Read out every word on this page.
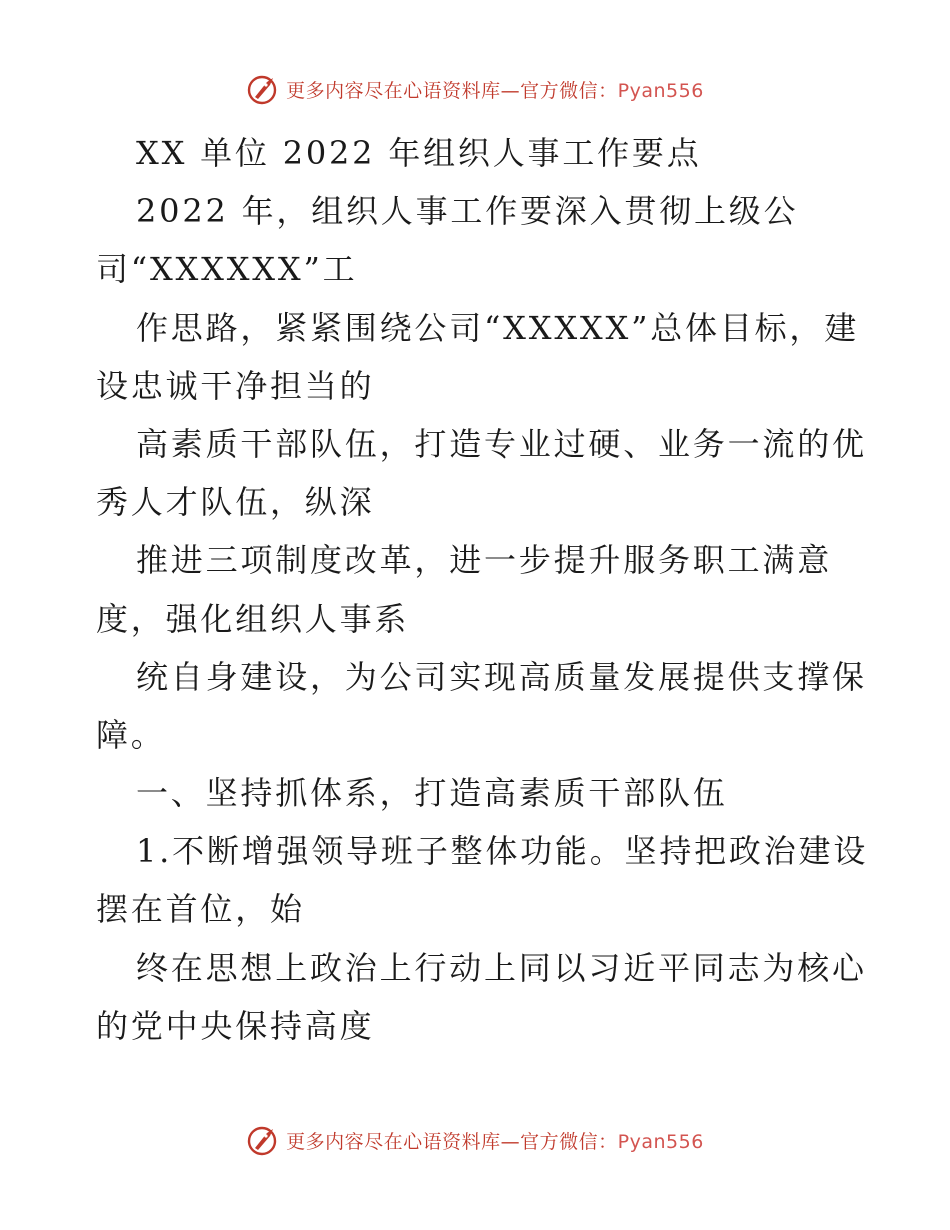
更多内容尽在心语资料库—官方微信：Pyan556
XX 单位 2022 年组织人事工作要点
2022 年，组织人事工作要深入贯彻上级公
司“XXXXXX”工
作思路，紧紧围绕公司“XXXXX”总体目标，建
设忠诚干净担当的
高素质干部队伍，打造专业过硬、业务一流的优
秀人才队伍，纵深
推进三项制度改革，进一步提升服务职工满意
度，强化组织人事系
统自身建设，为公司实现高质量发展提供支撑保
障。
一、坚持抓体系，打造高素质干部队伍
1.不断增强领导班子整体功能。坚持把政治建设
摆在首位，始
终在思想上政治上行动上同以习近平同志为核心
的党中央保持高度
更多内容尽在心语资料库—官方微信：Pyan556
